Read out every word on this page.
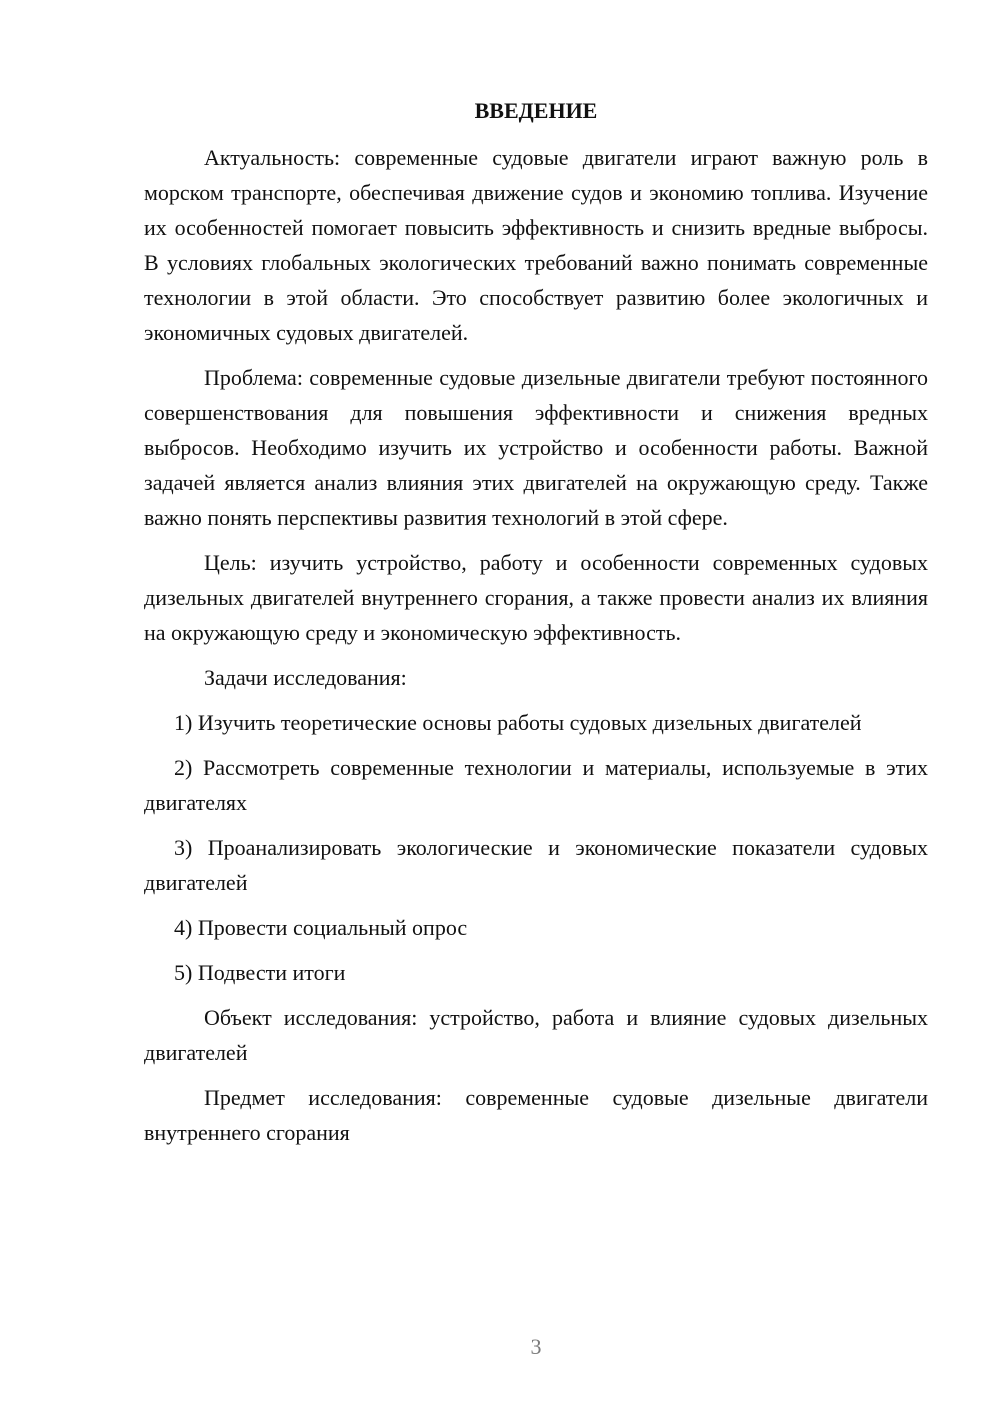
ВВЕДЕНИЕ

Актуальность: современные судовые двигатели играют важную роль в морском транспорте, обеспечивая движение судов и экономию топлива. Изучение их особенностей помогает повысить эффективность и снизить вредные выбросы. В условиях глобальных экологических требований важно понимать современные технологии в этой области. Это способствует развитию более экологичных и экономичных судовых двигателей.

Проблема: современные судовые дизельные двигатели требуют постоянного совершенствования для повышения эффективности и снижения вредных выбросов. Необходимо изучить их устройство и особенности работы. Важной задачей является анализ влияния этих двигателей на окружающую среду. Также важно понять перспективы развития технологий в этой сфере.

Цель: изучить устройство, работу и особенности современных судовых дизельных двигателей внутреннего сгорания, а также провести анализ их влияния на окружающую среду и экономическую эффективность.

Задачи исследования:

1) Изучить теоретические основы работы судовых дизельных двигателей

2) Рассмотреть современные технологии и материалы, используемые в этих двигателях

3) Проанализировать экологические и экономические показатели судовых двигателей

4) Провести социальный опрос

5) Подвести итоги

Объект исследования: устройство, работа и влияние судовых дизельных двигателей

Предмет исследования: современные судовые дизельные двигатели внутреннего сгорания

3
